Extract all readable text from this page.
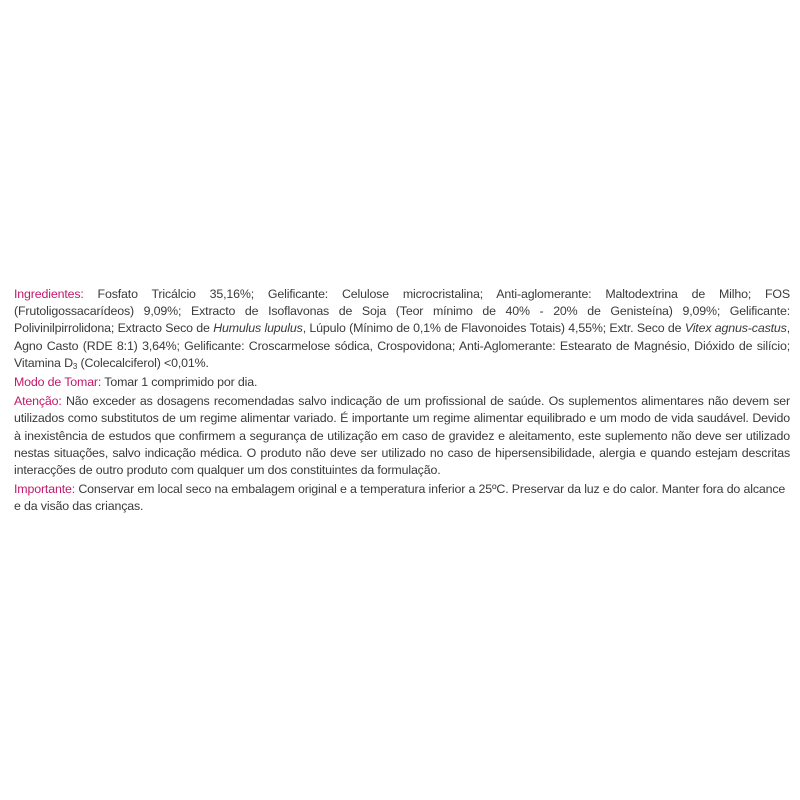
Ingredientes: Fosfato Tricálcio 35,16%; Gelificante: Celulose microcristalina; Anti-aglomerante: Maltodextrina de Milho; FOS (Frutoligossacarídeos) 9,09%; Extracto de Isoflavonas de Soja (Teor mínimo de 40% - 20% de Genisteína) 9,09%; Gelificante: Polivinilpirrolidona; Extracto Seco de Humulus lupulus, Lúpulo (Mínimo de 0,1% de Flavonoides Totais) 4,55%; Extr. Seco de Vitex agnus-castus, Agno Casto (RDE 8:1) 3,64%; Gelificante: Croscarmelose sódica, Crospovidona; Anti-Aglomerante: Estearato de Magnésio, Dióxido de silício; Vitamina $D_3$ (Colecalciferol) <0,01%.

Modo de Tomar: Tomar 1 comprimido por dia.

Atenção: Não exceder as dosagens recomendadas salvo indicação de um profissional de saúde. Os suplementos alimentares não devem ser utilizados como substitutos de um regime alimentar variado. É importante um regime alimentar equilibrado e um modo de vida saudável. Devido à inexistência de estudos que confirmem a segurança de utilização em caso de gravidez e aleitamento, este suplemento não deve ser utilizado nestas situações, salvo indicação médica. O produto não deve ser utilizado no caso de hipersensibilidade, alergia e quando estejam descritas interacções de outro produto com qualquer um dos constituintes da formulação.

Importante: Conservar em local seco na embalagem original e a temperatura inferior a 25ºC. Preservar da luz e do calor. Manter fora do alcance e da visão das crianças.
